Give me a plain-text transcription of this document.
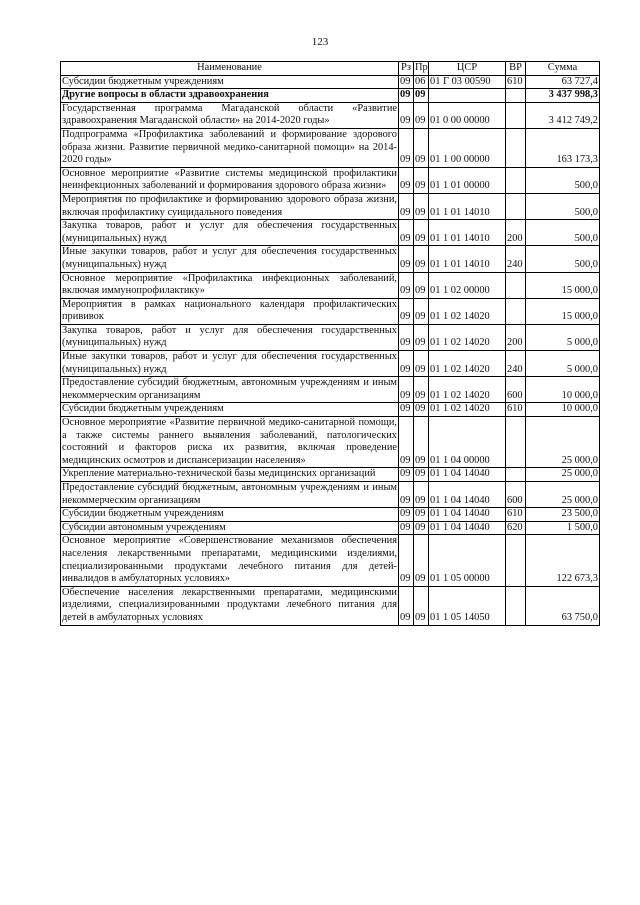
123
Наименование	Рз	Пр	ЦСР	ВР	Сумма
Субсидии бюджетным учреждениям	09	06	01 Г 03 00590	610	63 727,4
Другие вопросы в области здравоохранения	09	09			3 437 998,3
Государственная программа Магаданской области «Развитие здравоохранения Магаданской области» на 2014-2020 годы»	09	09	01 0 00 00000		3 412 749,2
Подпрограмма «Профилактика заболеваний и формирование здорового образа жизни. Развитие первичной медико-санитарной помощи» на 2014-2020 годы»	09	09	01 1 00 00000		163 173,3
Основное мероприятие «Развитие системы медицинской профилактики неинфекционных заболеваний и формирования здорового образа жизни»	09	09	01 1 01 00000		500,0
Мероприятия по профилактике и формированию здорового образа жизни, включая профилактику суицидального поведения	09	09	01 1 01 14010		500,0
Закупка товаров, работ и услуг для обеспечения государственных (муниципальных) нужд	09	09	01 1 01 14010	200	500,0
Иные закупки товаров, работ и услуг для обеспечения государственных (муниципальных) нужд	09	09	01 1 01 14010	240	500,0
Основное мероприятие «Профилактика инфекционных заболеваний, включая иммунопрофилактику»	09	09	01 1 02 00000		15 000,0
Мероприятия в рамках национального календаря профилактических прививок	09	09	01 1 02 14020		15 000,0
Закупка товаров, работ и услуг для обеспечения государственных (муниципальных) нужд	09	09	01 1 02 14020	200	5 000,0
Иные закупки товаров, работ и услуг для обеспечения государственных (муниципальных) нужд	09	09	01 1 02 14020	240	5 000,0
Предоставление субсидий бюджетным, автономным учреждениям и иным некоммерческим организациям	09	09	01 1 02 14020	600	10 000,0
Субсидии бюджетным учреждениям	09	09	01 1 02 14020	610	10 000,0
Основное мероприятие «Развитие первичной медико-санитарной помощи, а также системы раннего выявления заболеваний, патологических состояний и факторов риска их развития, включая проведение медицинских осмотров и диспансеризации населения»	09	09	01 1 04 00000		25 000,0
Укрепление материально-технической базы медицинских организаций	09	09	01 1 04 14040		25 000,0
Предоставление субсидий бюджетным, автономным учреждениям и иным некоммерческим организациям	09	09	01 1 04 14040	600	25 000,0
Субсидии бюджетным учреждениям	09	09	01 1 04 14040	610	23 500,0
Субсидии автономным учреждениям	09	09	01 1 04 14040	620	1 500,0
Основное мероприятие «Совершенствование механизмов обеспечения населения лекарственными препаратами, медицинскими изделиями, специализированными продуктами лечебного питания для детей-инвалидов в амбулаторных условиях»	09	09	01 1 05 00000		122 673,3
Обеспечение населения лекарственными препаратами, медицинскими изделиями, специализированными продуктами лечебного питания для детей в амбулаторных условиях	09	09	01 1 05 14050		63 750,0
